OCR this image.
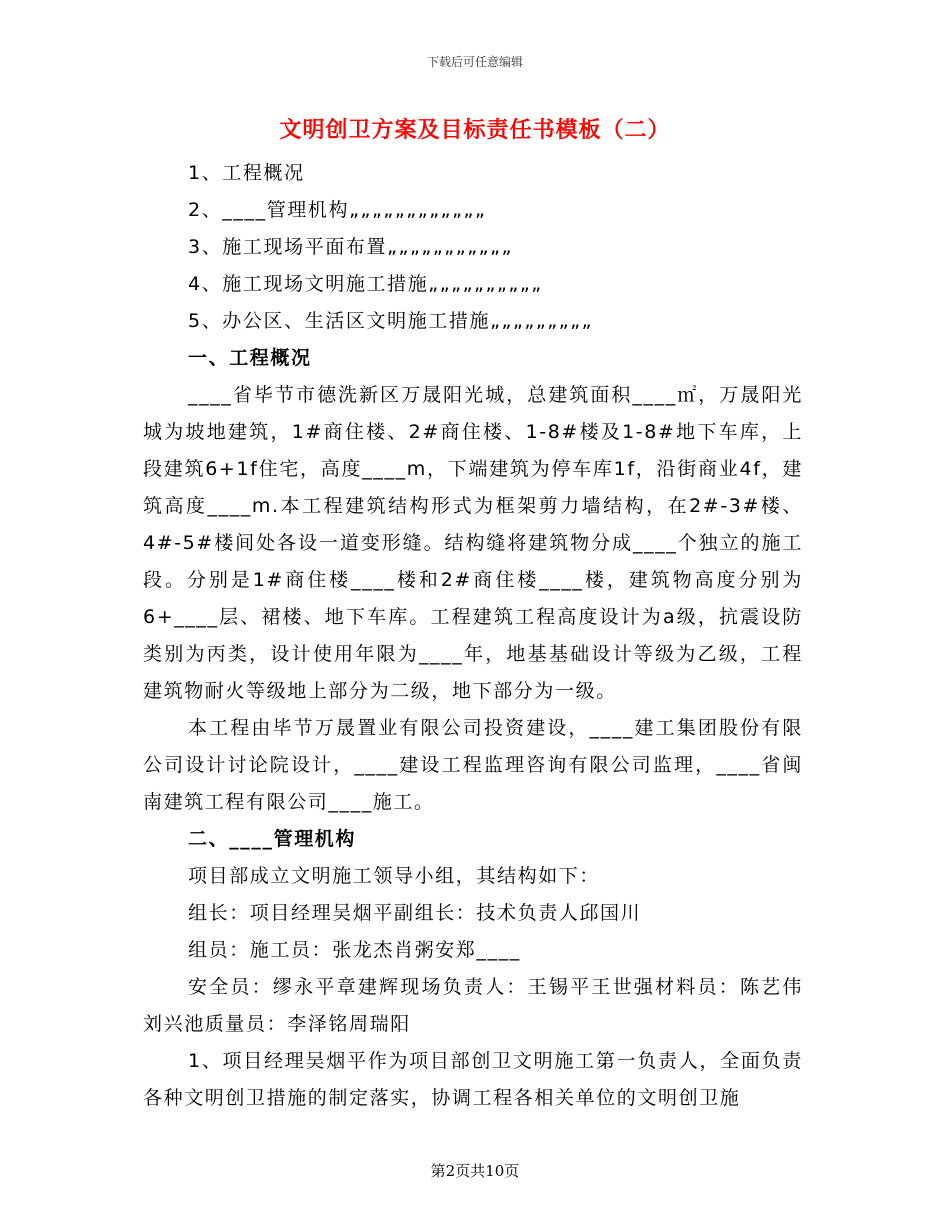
下载后可任意编辑
文明创卫方案及目标责任书模板（二）
1、工程概况
2、____管理机构„„„„„„„„„„„„
3、施工现场平面布置„„„„„„„„„„„
4、施工现场文明施工措施„„„„„„„„„„
5、办公区、生活区文明施工措施„„„„„„„„„
一、工程概况
____省毕节市德洗新区万晟阳光城，总建筑面积____㎡，万晟阳光城为坡地建筑，1#商住楼、2#商住楼、1-8#楼及1-8#地下车库，上段建筑6+1f住宅，高度____m，下端建筑为停车库1f，沿街商业4f，建筑高度____m.本工程建筑结构形式为框架剪力墙结构，在2#-3#楼、4#-5#楼间处各设一道变形缝。结构缝将建筑物分成____个独立的施工段。分别是1#商住楼____楼和2#商住楼____楼，建筑物高度分别为6+____层、裙楼、地下车库。工程建筑工程高度设计为a级，抗震设防类别为丙类，设计使用年限为____年，地基基础设计等级为乙级，工程建筑物耐火等级地上部分为二级，地下部分为一级。
本工程由毕节万晟置业有限公司投资建设，____建工集团股份有限公司设计讨论院设计，____建设工程监理咨询有限公司监理，____省闽南建筑工程有限公司____施工。
二、____管理机构
项目部成立文明施工领导小组，其结构如下：
组长：项目经理吴烟平副组长：技术负责人邱国川
组员：施工员：张龙杰肖粥安郑____
安全员：缪永平章建辉现场负责人：王锡平王世强材料员：陈艺伟刘兴池质量员：李泽铭周瑞阳
1、项目经理吴烟平作为项目部创卫文明施工第一负责人，全面负责各种文明创卫措施的制定落实，协调工程各相关单位的文明创卫施
第2页共10页
